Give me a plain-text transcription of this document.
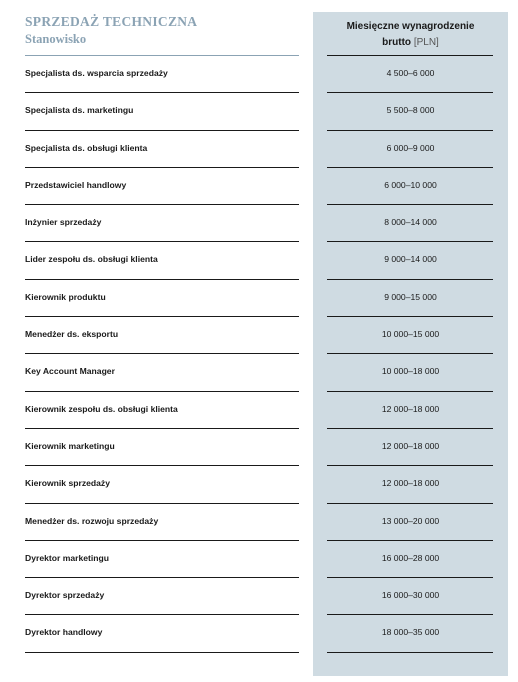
SPRZEDAŻ TECHNICZNA
Stanowisko
Miesięczne wynagrodzenie
brutto [PLN]
Specjalista ds. wsparcia sprzedaży	4 500–6 000
Specjalista ds. marketingu	5 500–8 000
Specjalista ds. obsługi klienta	6 000–9 000
Przedstawiciel handlowy	6 000–10 000
Inżynier sprzedaży	8 000–14 000
Lider zespołu ds. obsługi klienta	9 000–14 000
Kierownik produktu	9 000–15 000
Menedżer ds. eksportu	10 000–15 000
Key Account Manager	10 000–18 000
Kierownik zespołu ds. obsługi klienta	12 000–18 000
Kierownik marketingu	12 000–18 000
Kierownik sprzedaży	12 000–18 000
Menedżer ds. rozwoju sprzedaży	13 000–20 000
Dyrektor marketingu	16 000–28 000
Dyrektor sprzedaży	16 000–30 000
Dyrektor handlowy	18 000–35 000
